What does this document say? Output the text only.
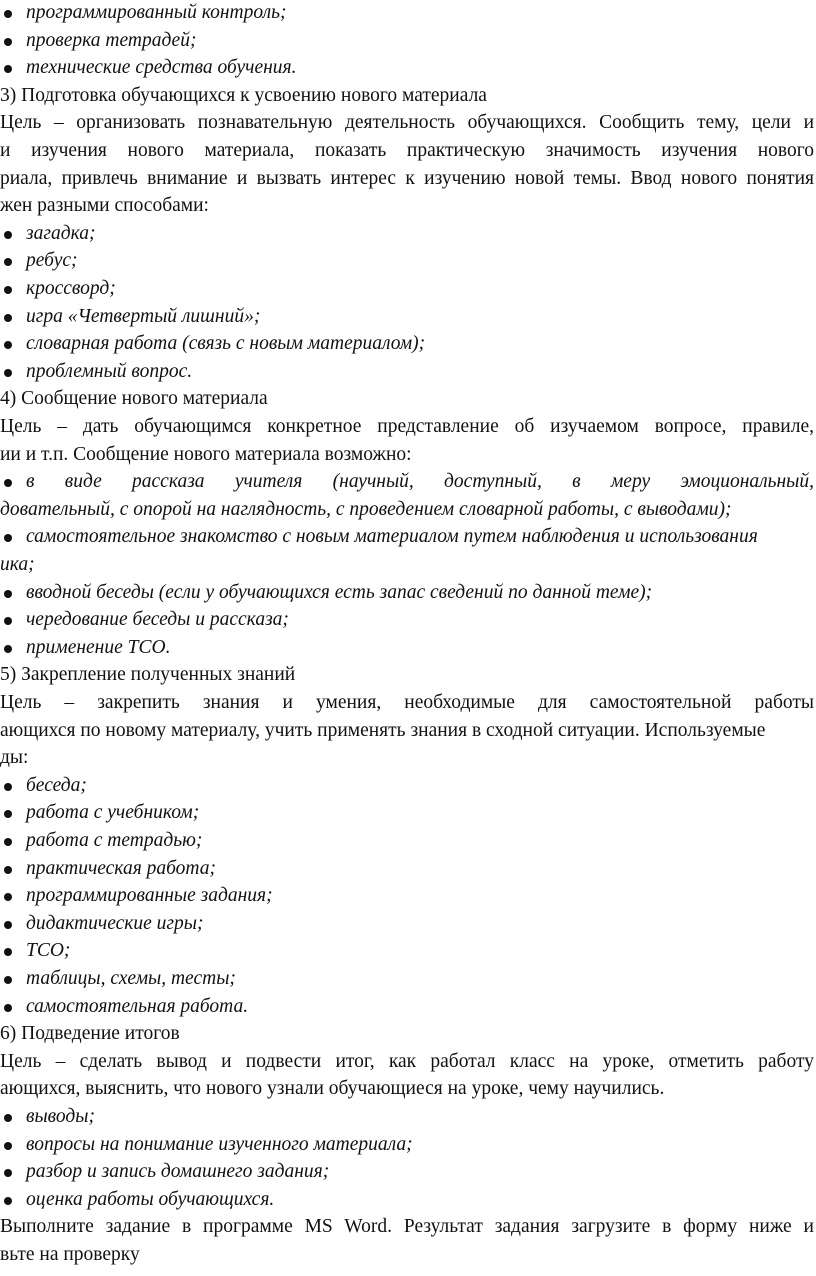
программированный контроль;
проверка тетрадей;
технические средства обучения.
3) Подготовка обучающихся к усвоению нового материала
Цель – организовать познавательную деятельность обучающихся. Сообщить тему, цели и
и изучения нового материала, показать практическую значимость изучения нового
риала, привлечь внимание и вызвать интерес к изучению новой темы. Ввод нового понятия
жен разными способами:
загадка;
ребус;
кроссворд;
игра «Четвертый лишний»;
словарная работа (связь с новым материалом);
проблемный вопрос.
4) Сообщение нового материала
Цель – дать обучающимся конкретное представление об изучаемом вопросе, правиле,
ии и т.п. Сообщение нового материала возможно:
в виде рассказа учителя (научный, доступный, в меру эмоциональный,
довательный, с опорой на наглядность, с проведением словарной работы, с выводами);
самостоятельное знакомство с новым материалом путем наблюдения и использования
ика;
вводной беседы (если у обучающихся есть запас сведений по данной теме);
чередование беседы и рассказа;
применение ТСО.
5) Закрепление полученных знаний
Цель – закрепить знания и умения, необходимые для самостоятельной работы
ающихся по новому материалу, учить применять знания в сходной ситуации. Используемые
ды:
беседа;
работа с учебником;
работа с тетрадью;
практическая работа;
программированные задания;
дидактические игры;
ТСО;
таблицы, схемы, тесты;
самостоятельная работа.
6) Подведение итогов
Цель – сделать вывод и подвести итог, как работал класс на уроке, отметить работу
ающихся, выяснить, что нового узнали обучающиеся на уроке, чему научились.
выводы;
вопросы на понимание изученного материала;
разбор и запись домашнего задания;
оценка работы обучающихся.
Выполните задание в программе MS Word. Результат задания загрузите в форму ниже и
вьте на проверку
